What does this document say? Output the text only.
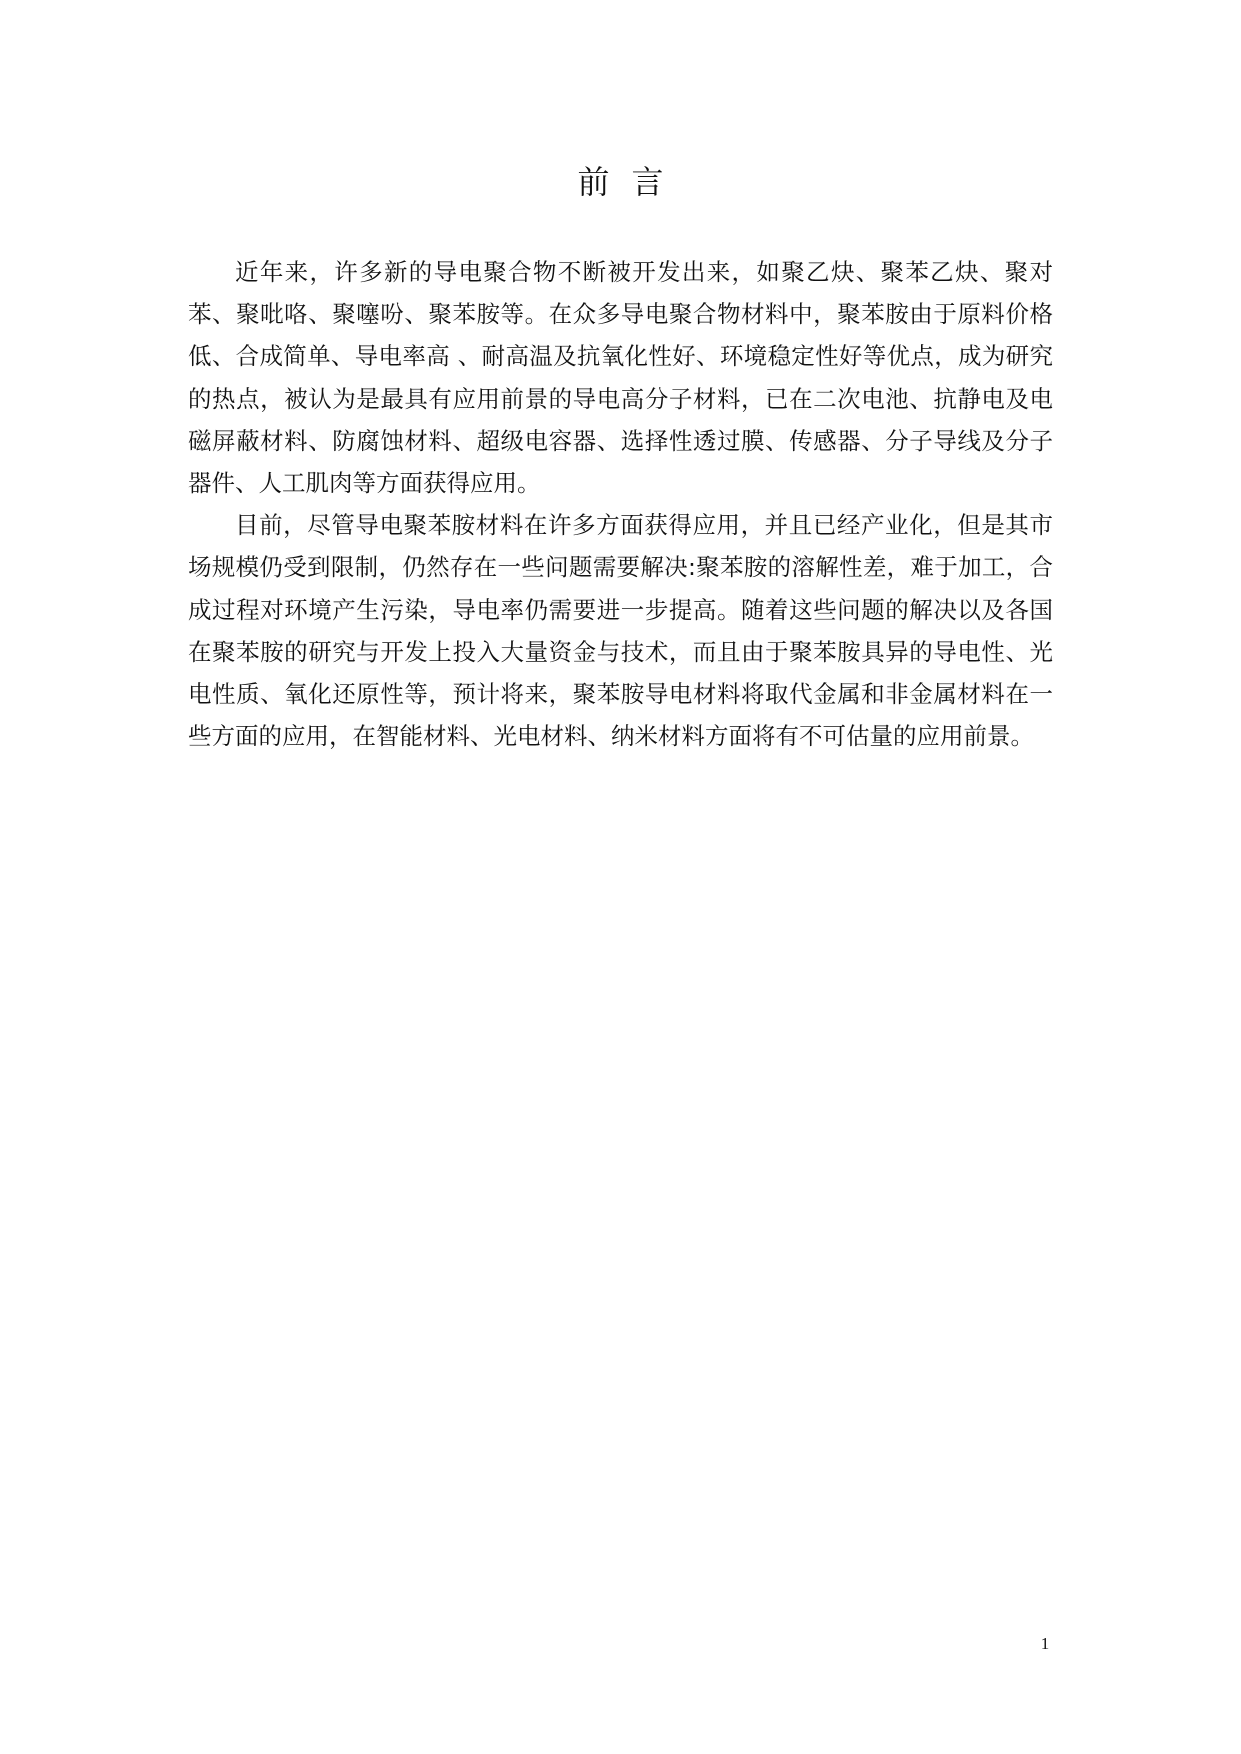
前言

近年来，许多新的导电聚合物不断被开发出来，如聚乙炔、聚苯乙炔、聚对苯、聚吡咯、聚噻吩、聚苯胺等。在众多导电聚合物材料中，聚苯胺由于原料价格低、合成简单、导电率高 、耐高温及抗氧化性好、环境稳定性好等优点，成为研究的热点，被认为是最具有应用前景的导电高分子材料，已在二次电池、抗静电及电磁屏蔽材料、防腐蚀材料、超级电容器、选择性透过膜、传感器、分子导线及分子器件、人工肌肉等方面获得应用。

目前，尽管导电聚苯胺材料在许多方面获得应用，并且已经产业化，但是其市场规模仍受到限制，仍然存在一些问题需要解决:聚苯胺的溶解性差，难于加工，合成过程对环境产生污染，导电率仍需要进一步提高。随着这些问题的解决以及各国在聚苯胺的研究与开发上投入大量资金与技术，而且由于聚苯胺具异的导电性、光电性质、氧化还原性等，预计将来，聚苯胺导电材料将取代金属和非金属材料在一些方面的应用，在智能材料、光电材料、纳米材料方面将有不可估量的应用前景。

1
